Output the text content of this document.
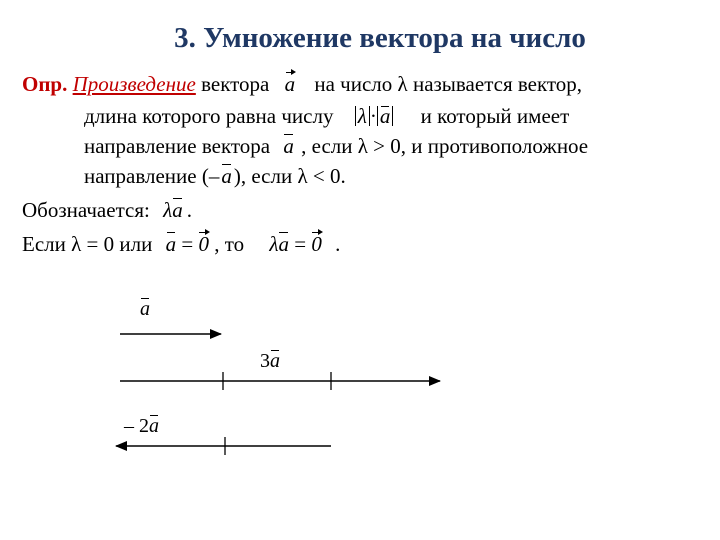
3. Умножение вектора на число
Опр. Произведение вектора a на число λ называется вектор,
длина которого равна числу λ · a и который имеет
направление вектора a , если λ > 0, и противоположное
направление (–a), если λ < 0.
Обозначается: λa .
Если λ = 0 или a = 0 , то λa = 0 .
a
3a
– 2a
